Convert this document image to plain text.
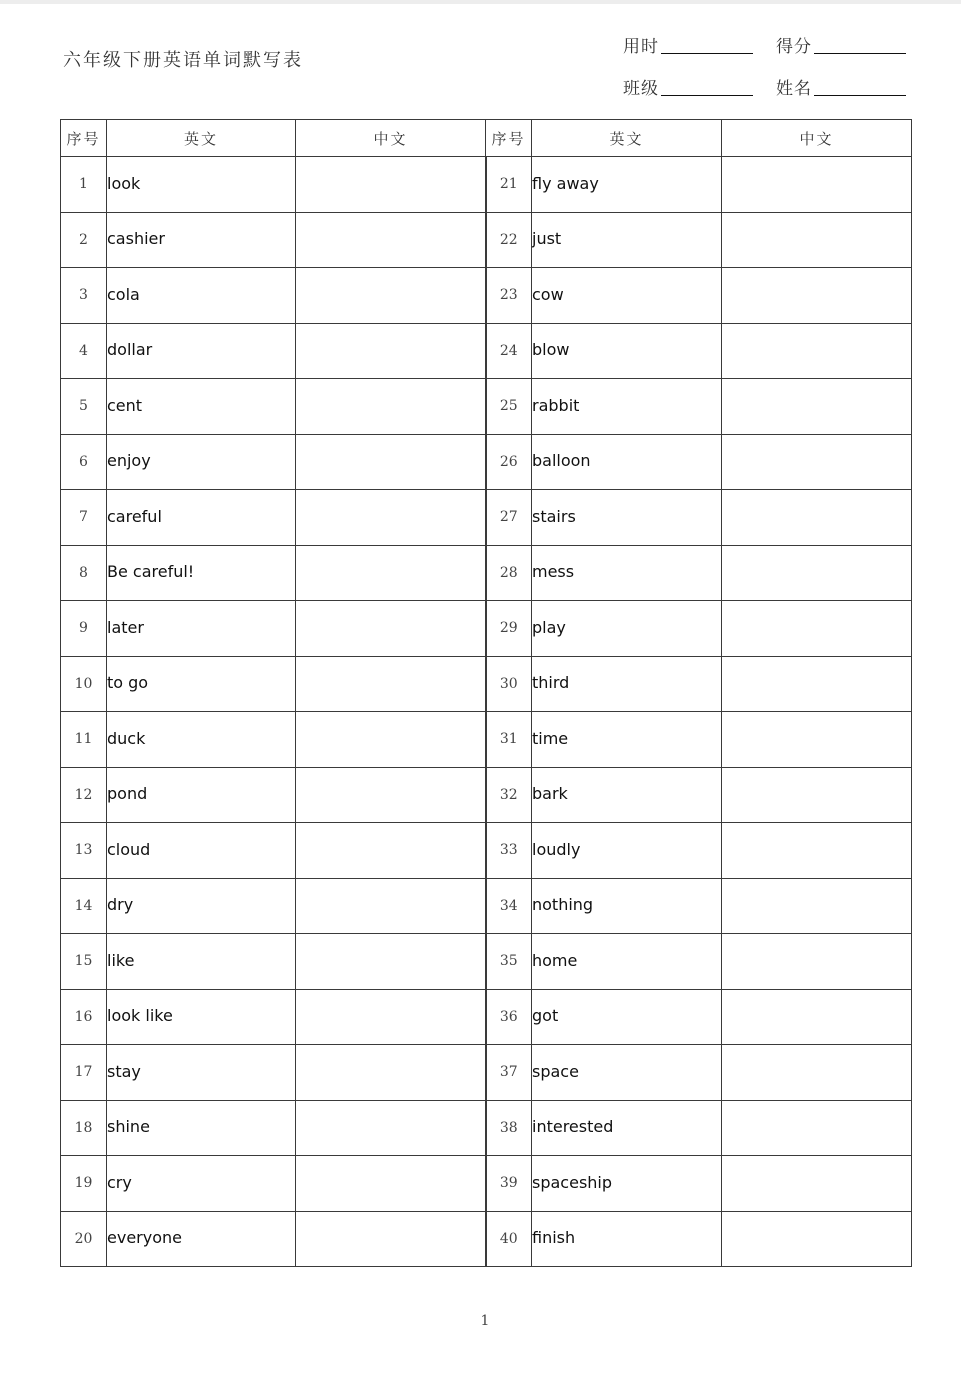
六年级下册英语单词默写表
用时	得分
班级	姓名
序号	英文	中文	序号	英文	中文
1	look		21	fly away	
2	cashier		22	just	
3	cola		23	cow	
4	dollar		24	blow	
5	cent		25	rabbit	
6	enjoy		26	balloon	
7	careful		27	stairs	
8	Be careful!		28	mess	
9	later		29	play	
10	to go		30	third	
11	duck		31	time	
12	pond		32	bark	
13	cloud		33	loudly	
14	dry		34	nothing	
15	like		35	home	
16	look like		36	got	
17	stay		37	space	
18	shine		38	interested	
19	cry		39	spaceship	
20	everyone		40	finish	
1
